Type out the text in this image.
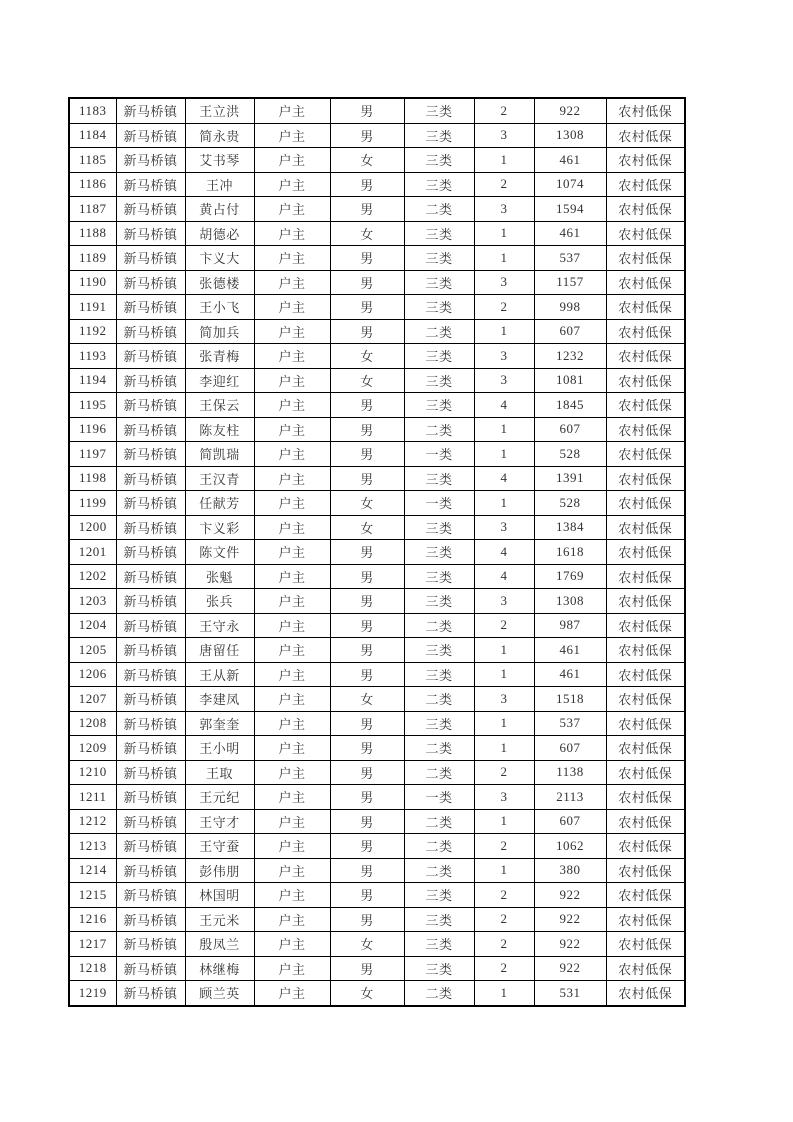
1183	新马桥镇	王立洪	户主	男	三类	2	922	农村低保
1184	新马桥镇	简永贵	户主	男	三类	3	1308	农村低保
1185	新马桥镇	艾书琴	户主	女	三类	1	461	农村低保
1186	新马桥镇	王冲	户主	男	三类	2	1074	农村低保
1187	新马桥镇	黄占付	户主	男	二类	3	1594	农村低保
1188	新马桥镇	胡德必	户主	女	三类	1	461	农村低保
1189	新马桥镇	卞义大	户主	男	三类	1	537	农村低保
1190	新马桥镇	张德楼	户主	男	三类	3	1157	农村低保
1191	新马桥镇	王小飞	户主	男	三类	2	998	农村低保
1192	新马桥镇	简加兵	户主	男	二类	1	607	农村低保
1193	新马桥镇	张青梅	户主	女	三类	3	1232	农村低保
1194	新马桥镇	李迎红	户主	女	三类	3	1081	农村低保
1195	新马桥镇	王保云	户主	男	三类	4	1845	农村低保
1196	新马桥镇	陈友柱	户主	男	二类	1	607	农村低保
1197	新马桥镇	简凯瑞	户主	男	一类	1	528	农村低保
1198	新马桥镇	王汉青	户主	男	三类	4	1391	农村低保
1199	新马桥镇	任献芳	户主	女	一类	1	528	农村低保
1200	新马桥镇	卞义彩	户主	女	三类	3	1384	农村低保
1201	新马桥镇	陈文件	户主	男	三类	4	1618	农村低保
1202	新马桥镇	张魁	户主	男	三类	4	1769	农村低保
1203	新马桥镇	张兵	户主	男	三类	3	1308	农村低保
1204	新马桥镇	王守永	户主	男	二类	2	987	农村低保
1205	新马桥镇	唐留任	户主	男	三类	1	461	农村低保
1206	新马桥镇	王从新	户主	男	三类	1	461	农村低保
1207	新马桥镇	李建凤	户主	女	二类	3	1518	农村低保
1208	新马桥镇	郭奎奎	户主	男	三类	1	537	农村低保
1209	新马桥镇	王小明	户主	男	二类	1	607	农村低保
1210	新马桥镇	王取	户主	男	二类	2	1138	农村低保
1211	新马桥镇	王元纪	户主	男	一类	3	2113	农村低保
1212	新马桥镇	王守才	户主	男	二类	1	607	农村低保
1213	新马桥镇	王守蚕	户主	男	二类	2	1062	农村低保
1214	新马桥镇	彭伟朋	户主	男	二类	1	380	农村低保
1215	新马桥镇	林国明	户主	男	三类	2	922	农村低保
1216	新马桥镇	王元米	户主	男	三类	2	922	农村低保
1217	新马桥镇	殷凤兰	户主	女	三类	2	922	农村低保
1218	新马桥镇	林继梅	户主	男	三类	2	922	农村低保
1219	新马桥镇	顾兰英	户主	女	二类	1	531	农村低保
